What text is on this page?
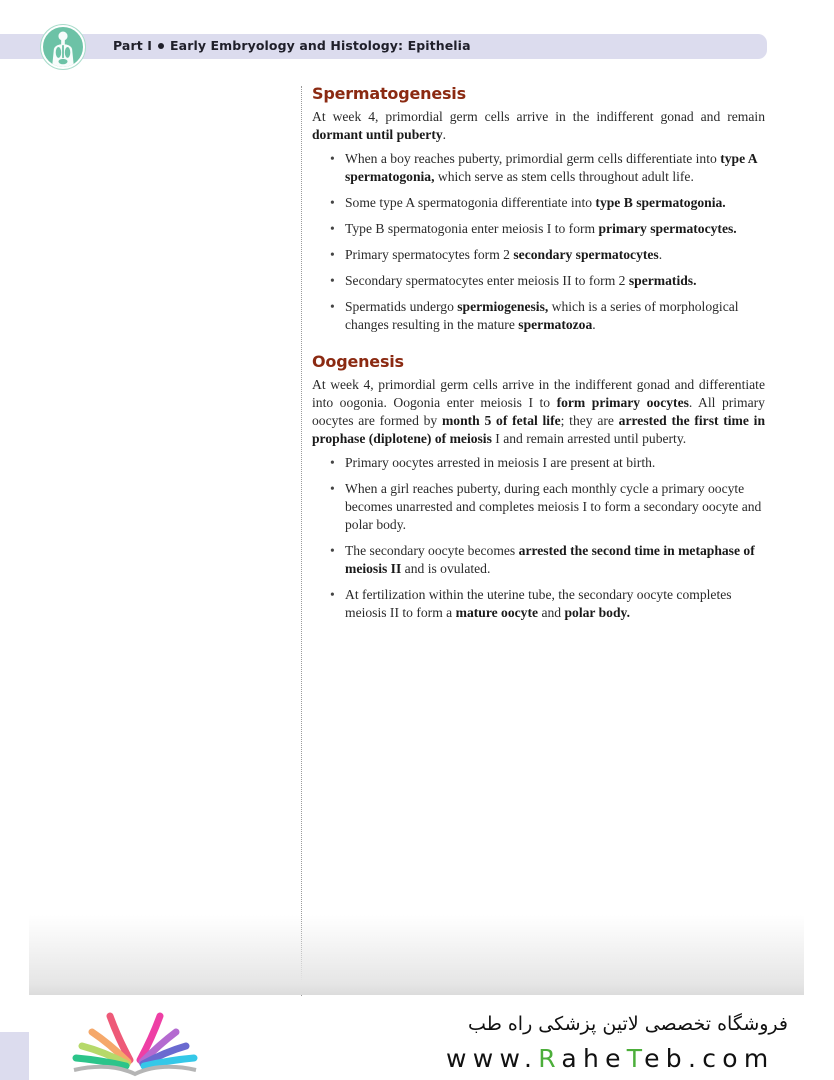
Part I Early Embryology and Histology: Epithelia
Spermatogenesis

At week 4, primordial germ cells arrive in the indifferent gonad and remain dormant until puberty.

• When a boy reaches puberty, primordial germ cells differentiate into type A spermatogonia, which serve as stem cells throughout adult life.
• Some type A spermatogonia differentiate into type B spermatogonia.
• Type B spermatogonia enter meiosis I to form primary spermatocytes.
• Primary spermatocytes form 2 secondary spermatocytes.
• Secondary spermatocytes enter meiosis II to form 2 spermatids.
• Spermatids undergo spermiogenesis, which is a series of morphological changes resulting in the mature spermatozoa.
Oogenesis

At week 4, primordial germ cells arrive in the indifferent gonad and differentiate into oogonia. Oogonia enter meiosis I to form primary oocytes. All primary oocytes are formed by month 5 of fetal life; they are arrested the first time in prophase (diplotene) of meiosis I and remain arrested until puberty.

• Primary oocytes arrested in meiosis I are present at birth.
• When a girl reaches puberty, during each monthly cycle a primary oocyte becomes unarrested and completes meiosis I to form a secondary oocyte and polar body.
• The secondary oocyte becomes arrested the second time in metaphase of meiosis II and is ovulated.
• At fertilization within the uterine tube, the secondary oocyte completes meiosis II to form a mature oocyte and polar body.
فروشگاه تخصصی لاتین پزشکی راه طب
www.RaheTeb.com
